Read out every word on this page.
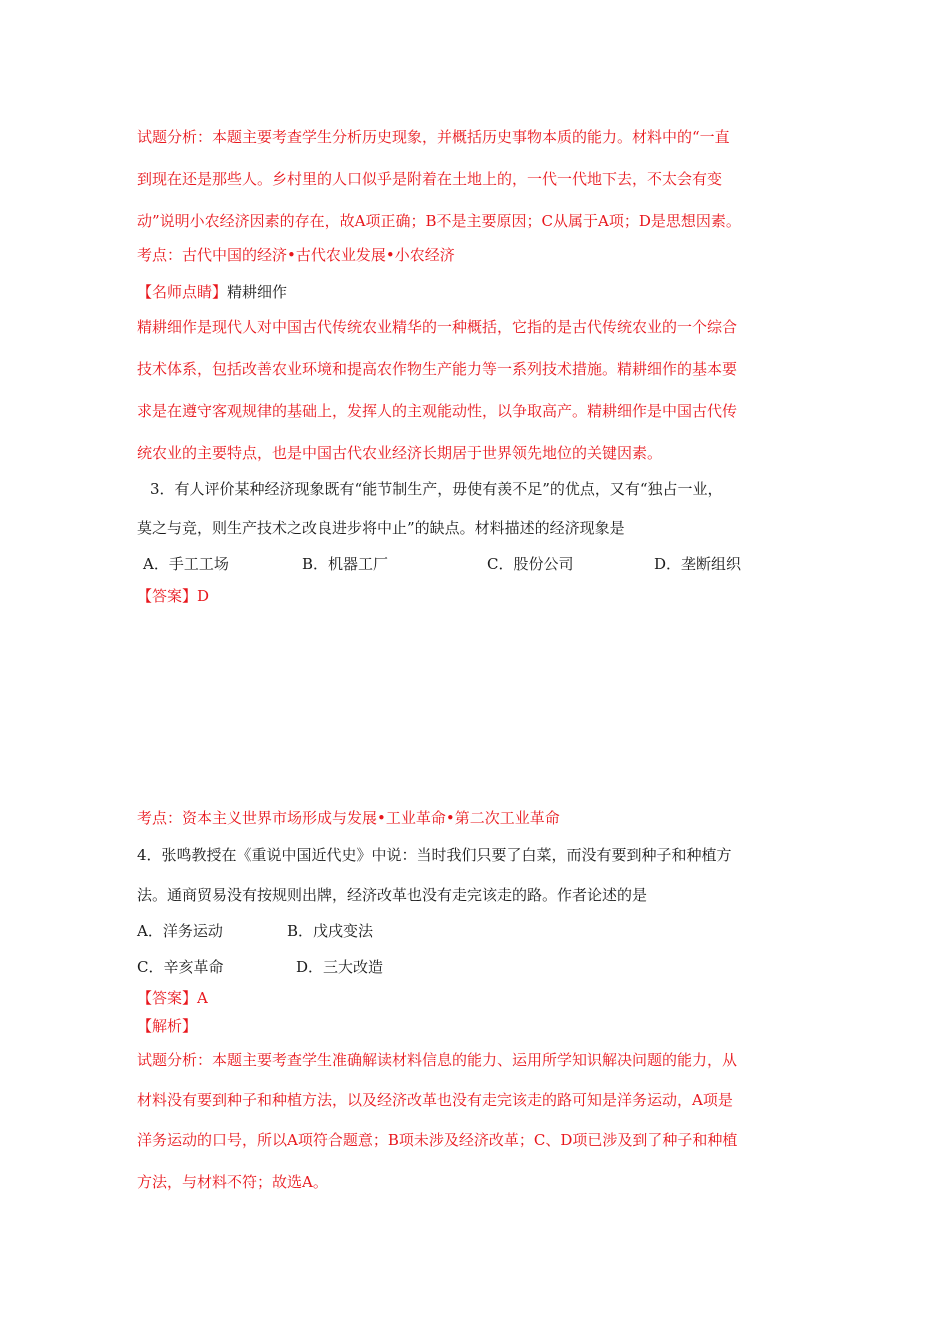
试题分析：本题主要考查学生分析历史现象，并概括历史事物本质的能力。材料中的“一直
到现在还是那些人。乡村里的人口似乎是附着在土地上的，一代一代地下去，不太会有变
动”说明小农经济因素的存在，故A项正确；B不是主要原因；C从属于A项；D是思想因素。
考点：古代中国的经济•古代农业发展•小农经济
【名师点睛】精耕细作
精耕细作是现代人对中国古代传统农业精华的一种概括，它指的是古代传统农业的一个综合
技术体系，包括改善农业环境和提高农作物生产能力等一系列技术措施。精耕细作的基本要
求是在遵守客观规律的基础上，发挥人的主观能动性，以争取高产。精耕细作是中国古代传
统农业的主要特点，也是中国古代农业经济长期居于世界领先地位的关键因素。
3．有人评价某种经济现象既有“能节制生产，毋使有羡不足”的优点，又有“独占一业，
莫之与竞，则生产技术之改良进步将中止”的缺点。材料描述的经济现象是
A．手工工场	B．机器工厂	C．股份公司	D．垄断组织
【答案】D
考点：资本主义世界市场形成与发展•工业革命•第二次工业革命
4．张鸣教授在《重说中国近代史》中说：当时我们只要了白菜，而没有要到种子和种植方
法。通商贸易没有按规则出牌，经济改革也没有走完该走的路。作者论述的是
A．洋务运动	B．戊戌变法
C．辛亥革命	D．三大改造
【答案】A
【解析】
试题分析：本题主要考查学生准确解读材料信息的能力、运用所学知识解决问题的能力，从
材料没有要到种子和种植方法，以及经济改革也没有走完该走的路可知是洋务运动，A项是
洋务运动的口号，所以A项符合题意；B项未涉及经济改革；C、D项已涉及到了种子和种植
方法，与材料不符；故选A。
